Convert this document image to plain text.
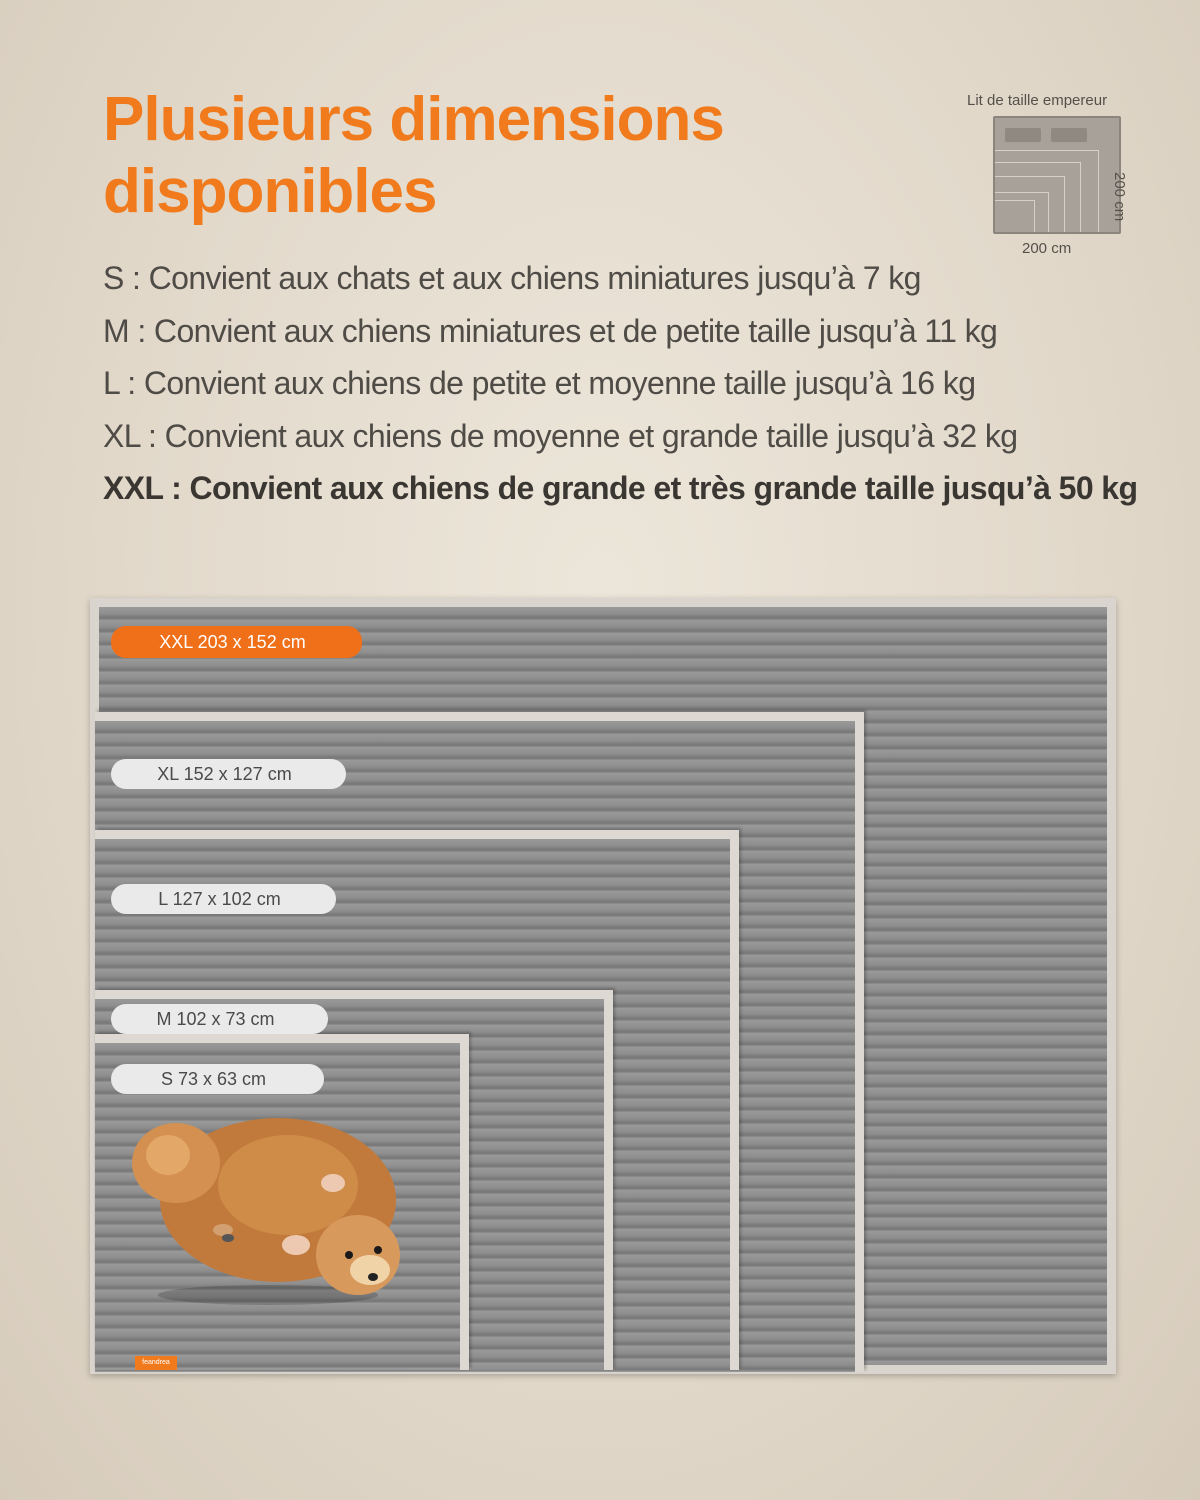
Plusieurs dimensions
disponibles
Lit de taille empereur
200 cm
200 cm
S : Convient aux chats et aux chiens miniatures jusqu’à 7 kg
M : Convient aux chiens miniatures et de petite taille jusqu’à 11 kg
L : Convient aux chiens de petite et moyenne taille jusqu’à 16 kg
XL : Convient aux chiens de moyenne et grande taille jusqu’à 32 kg
XXL : Convient aux chiens de grande et très grande taille jusqu’à 50 kg
XXL 203 x 152 cm
XL 152 x 127 cm
L 127 x 102 cm
M 102 x 73 cm
S 73 x 63 cm
feandrea
